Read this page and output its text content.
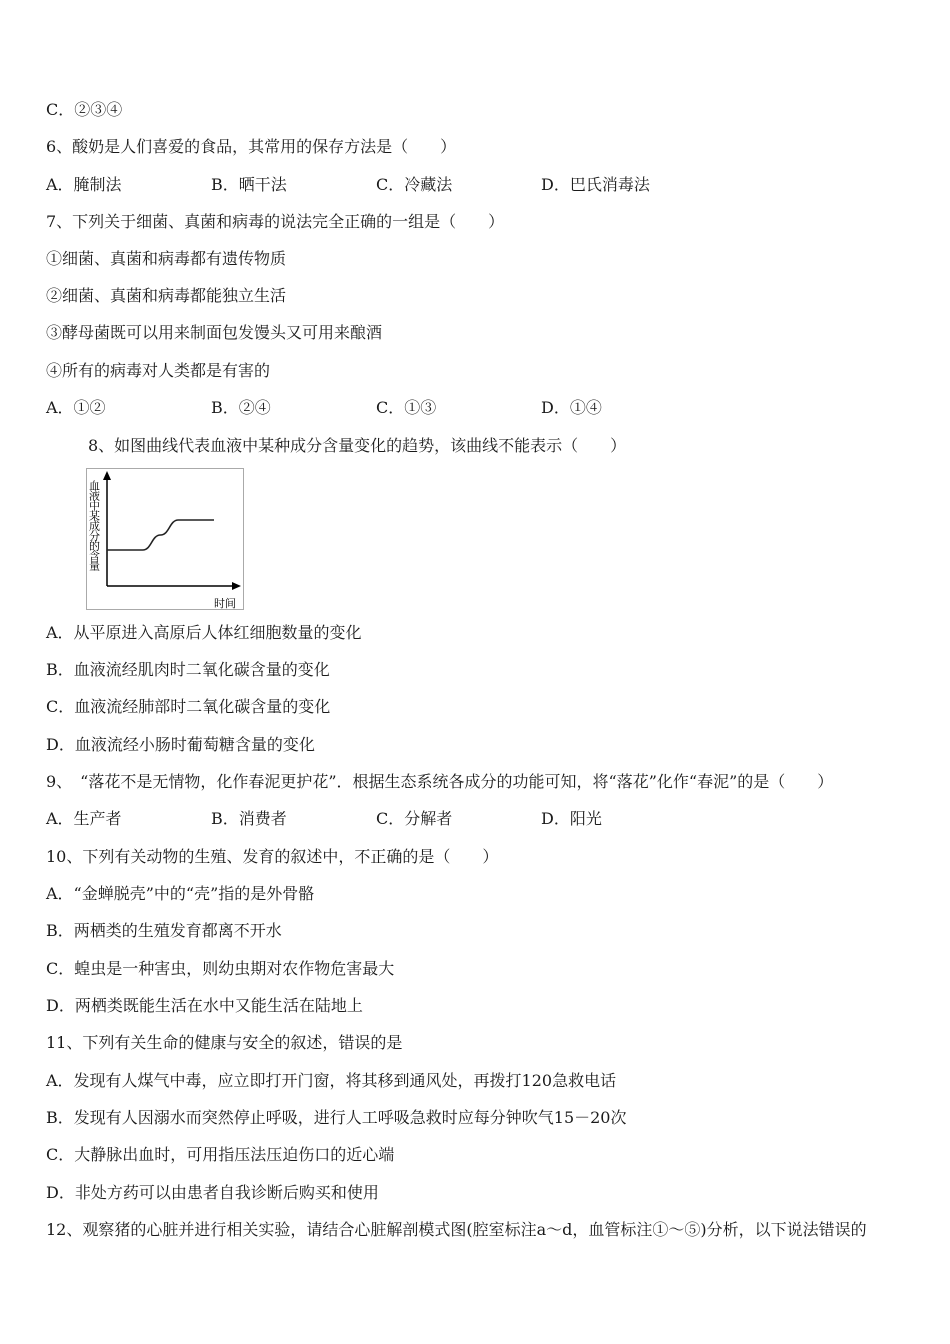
C．②③④
6、酸奶是人们喜爱的食品，其常用的保存方法是（　　）
A．腌制法	B．晒干法	C．冷藏法	D．巴氏消毒法
7、下列关于细菌、真菌和病毒的说法完全正确的一组是（　　）
①细菌、真菌和病毒都有遗传物质
②细菌、真菌和病毒都能独立生活
③酵母菌既可以用来制面包发馒头又可用来酿酒
④所有的病毒对人类都是有害的
A．①②	B．②④	C．①③	D．①④
8、如图曲线代表血液中某种成分含量变化的趋势，该曲线不能表示（　　）
血液中某成分的含量
时间
A．从平原进入高原后人体红细胞数量的变化
B．血液流经肌肉时二氧化碳含量的变化
C．血液流经肺部时二氧化碳含量的变化
D．血液流经小肠时葡萄糖含量的变化
9、　“落花不是无情物，化作春泥更护花”．根据生态系统各成分的功能可知，将“落花”化作“春泥”的是（　　）
A．生产者	B．消费者	C．分解者	D．阳光
10、下列有关动物的生殖、发育的叙述中，不正确的是（　　）
A．“金蝉脱壳”中的“壳”指的是外骨骼
B．两栖类的生殖发育都离不开水
C．蝗虫是一种害虫，则幼虫期对农作物危害最大
D．两栖类既能生活在水中又能生活在陆地上
11、下列有关生命的健康与安全的叙述，错误的是
A．发现有人煤气中毒，应立即打开门窗，将其移到通风处，再拨打120急救电话
B．发现有人因溺水而突然停止呼吸，进行人工呼吸急救时应每分钟吹气15－20次
C．大静脉出血时，可用指压法压迫伤口的近心端
D．非处方药可以由患者自我诊断后购买和使用
12、观察猪的心脏并进行相关实验，请结合心脏解剖模式图(腔室标注a～d，血管标注①～⑤)分析，以下说法错误的
